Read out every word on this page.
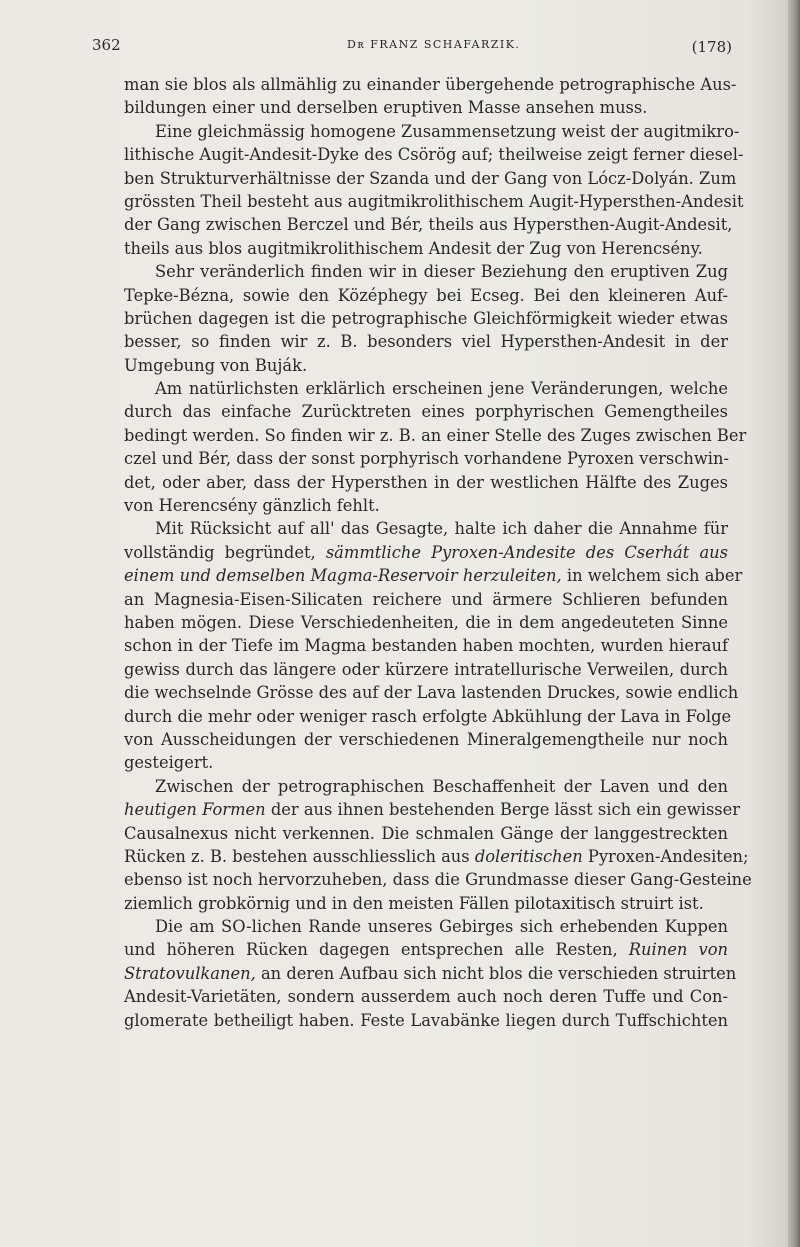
362	Dʀ FRANZ SCHAFARZIK.	(178)
man sie blos als allmählig zu einander übergehende petrographische Aus-
bildungen einer und derselben eruptiven Masse ansehen muss.
Eine gleichmässig homogene Zusammensetzung weist der augitmikro-
lithische Augit-Andesit-Dyke des Csörög auf; theilweise zeigt ferner diesel-
ben Strukturverhältnisse der Szanda und der Gang von Lócz-Dolyán. Zum
grössten Theil besteht aus augitmikrolithischem Augit-Hypersthen-Andesit
der Gang zwischen Berczel und Bér, theils aus Hypersthen-Augit-Andesit,
theils aus blos augitmikrolithischem Andesit der Zug von Herencsény.
Sehr veränderlich finden wir in dieser Beziehung den eruptiven Zug
Tepke-Bézna, sowie den Középhegy bei Ecseg. Bei den kleineren Auf-
brüchen dagegen ist die petrographische Gleichförmigkeit wieder etwas
besser, so finden wir z. B. besonders viel Hypersthen-Andesit in der
Umgebung von Buják.
Am natürlichsten erklärlich erscheinen jene Veränderungen, welche
durch das einfache Zurücktreten eines porphyrischen Gemengtheiles
bedingt werden. So finden wir z. B. an einer Stelle des Zuges zwischen Ber
czel und Bér, dass der sonst porphyrisch vorhandene Pyroxen verschwin-
det, oder aber, dass der Hypersthen in der westlichen Hälfte des Zuges
von Herencsény gänzlich fehlt.
Mit Rücksicht auf all' das Gesagte, halte ich daher die Annahme für
vollständig begründet, sämmtliche Pyroxen-Andesite des Cserhát aus
einem und demselben Magma-Reservoir herzuleiten, in welchem sich aber
an Magnesia-Eisen-Silicaten reichere und ärmere Schlieren befunden
haben mögen. Diese Verschiedenheiten, die in dem angedeuteten Sinne
schon in der Tiefe im Magma bestanden haben mochten, wurden hierauf
gewiss durch das längere oder kürzere intratellurische Verweilen, durch
die wechselnde Grösse des auf der Lava lastenden Druckes, sowie endlich
durch die mehr oder weniger rasch erfolgte Abkühlung der Lava in Folge
von Ausscheidungen der verschiedenen Mineralgemengtheile nur noch
gesteigert.
Zwischen der petrographischen Beschaffenheit der Laven und den
heutigen Formen der aus ihnen bestehenden Berge lässt sich ein gewisser
Causalnexus nicht verkennen. Die schmalen Gänge der langgestreckten
Rücken z. B. bestehen ausschliesslich aus doleritischen Pyroxen-Andesiten;
ebenso ist noch hervorzuheben, dass die Grundmasse dieser Gang-Gesteine
ziemlich grobkörnig und in den meisten Fällen pilotaxitisch struirt ist.
Die am SO-lichen Rande unseres Gebirges sich erhebenden Kuppen
und höheren Rücken dagegen entsprechen alle Resten, Ruinen von
Stratovulkanen, an deren Aufbau sich nicht blos die verschieden struirten
Andesit-Varietäten, sondern ausserdem auch noch deren Tuffe und Con-
glomerate betheiligt haben. Feste Lavabänke liegen durch Tuffschichten
